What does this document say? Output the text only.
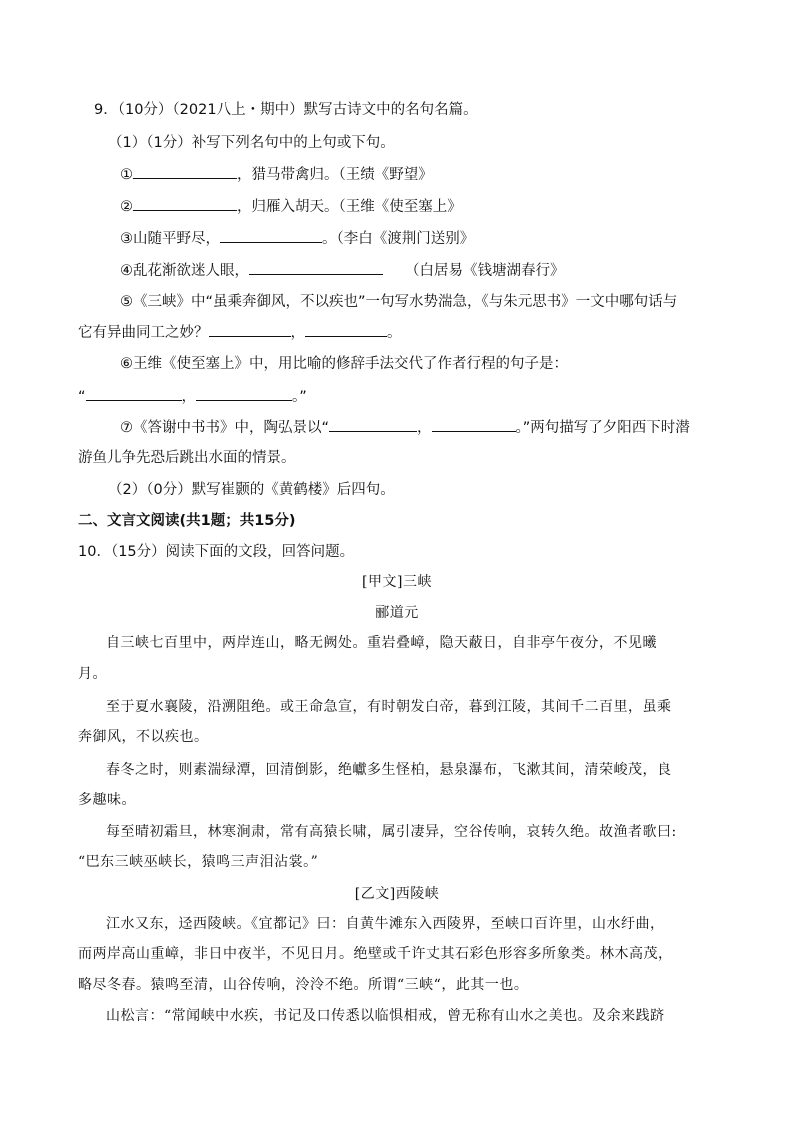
9．（10分）（2021八上・期中）默写古诗文中的名句名篇。
（1）（1分）补写下列名句中的上句或下句。
①	，猎马带禽归。（王绩《野望》
②	，归雁入胡天。（王维《使至塞上》
③山随平野尽，	。（李白《渡荆门送别》
④乱花渐欲迷人眼，	（白居易《钱塘湖春行》
⑤《三峡》中“虽乘奔御风，不以疾也”一句写水势湍急，《与朱元思书》一文中哪句话与
它有异曲同工之妙？	，	。
⑥王维《使至塞上》中，用比喻的修辞手法交代了作者行程的句子是：
“	，	。”
⑦《答谢中书书》中，陶弘景以“	，	。”两句描写了夕阳西下时潜
游鱼儿争先恐后跳出水面的情景。
（2）（0分）默写崔颢的《黄鹤楼》后四句。
二、文言文阅读(共1题；共15分)
10．（15分）阅读下面的文段，回答问题。
[甲文]三峡
郦道元
自三峡七百里中，两岸连山，略无阙处。重岩叠嶂，隐天蔽日，自非亭午夜分，不见曦
月。
至于夏水襄陵，沿溯阻绝。或王命急宣，有时朝发白帝，暮到江陵，其间千二百里，虽乘
奔御风，不以疾也。
春冬之时，则素湍绿潭，回清倒影，绝巘多生怪柏，悬泉瀑布，飞漱其间，清荣峻茂，良
多趣味。
每至晴初霜旦，林寒涧肃，常有高猿长啸，属引凄异，空谷传响，哀转久绝。故渔者歌曰:
“巴东三峡巫峡长，猿鸣三声泪沾裳。”
[乙文]西陵峡
江水又东，迳西陵峡。《宜都记》曰：自黄牛滩东入西陵界，至峡口百许里，山水纡曲，
而两岸高山重嶂，非日中夜半，不见日月。绝壁或千许丈其石彩色形容多所象类。林木高茂，
略尽冬春。猿鸣至清，山谷传响，泠泠不绝。所谓“三峡“，此其一也。
山松言：“常闻峡中水疾，书记及口传悉以临惧相戒，曾无称有山水之美也。及余来践跻
